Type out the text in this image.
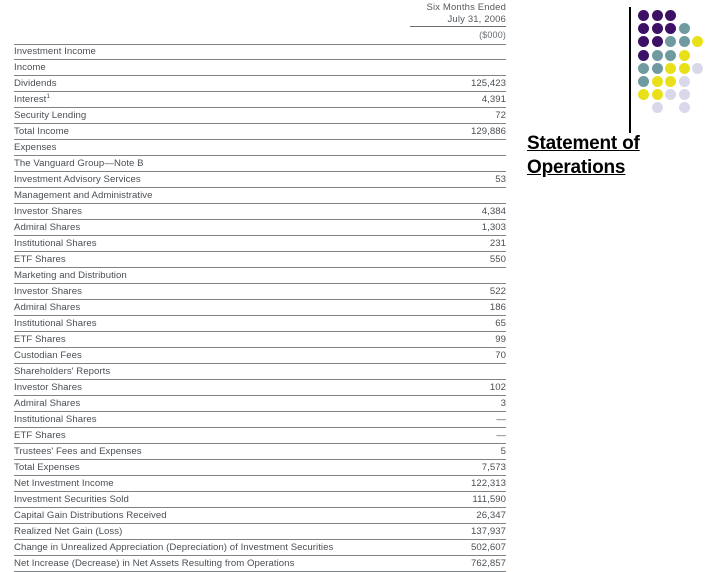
Six Months Ended
July 31, 2006
($000)
Investment Income	
Income	
Dividends	125,423
Interest$^1$	4,391
Security Lending	72
Total Income	129,886
Expenses	
The Vanguard Group—Note B	
Investment Advisory Services	53
Management and Administrative	
Investor Shares	4,384
Admiral Shares	1,303
Institutional Shares	231
ETF Shares	550
Marketing and Distribution	
Investor Shares	522
Admiral Shares	186
Institutional Shares	65
ETF Shares	99
Custodian Fees	70
Shareholders' Reports	
Investor Shares	102
Admiral Shares	3
Institutional Shares	—
ETF Shares	—
Trustees' Fees and Expenses	5
Total Expenses	7,573
Net Investment Income	122,313
Investment Securities Sold	111,590
Capital Gain Distributions Received	26,347
Realized Net Gain (Loss)	137,937
Change in Unrealized Appreciation (Depreciation) of Investment Securities	502,607
Net Increase (Decrease) in Net Assets Resulting from Operations	762,857
Statement of
Operations
